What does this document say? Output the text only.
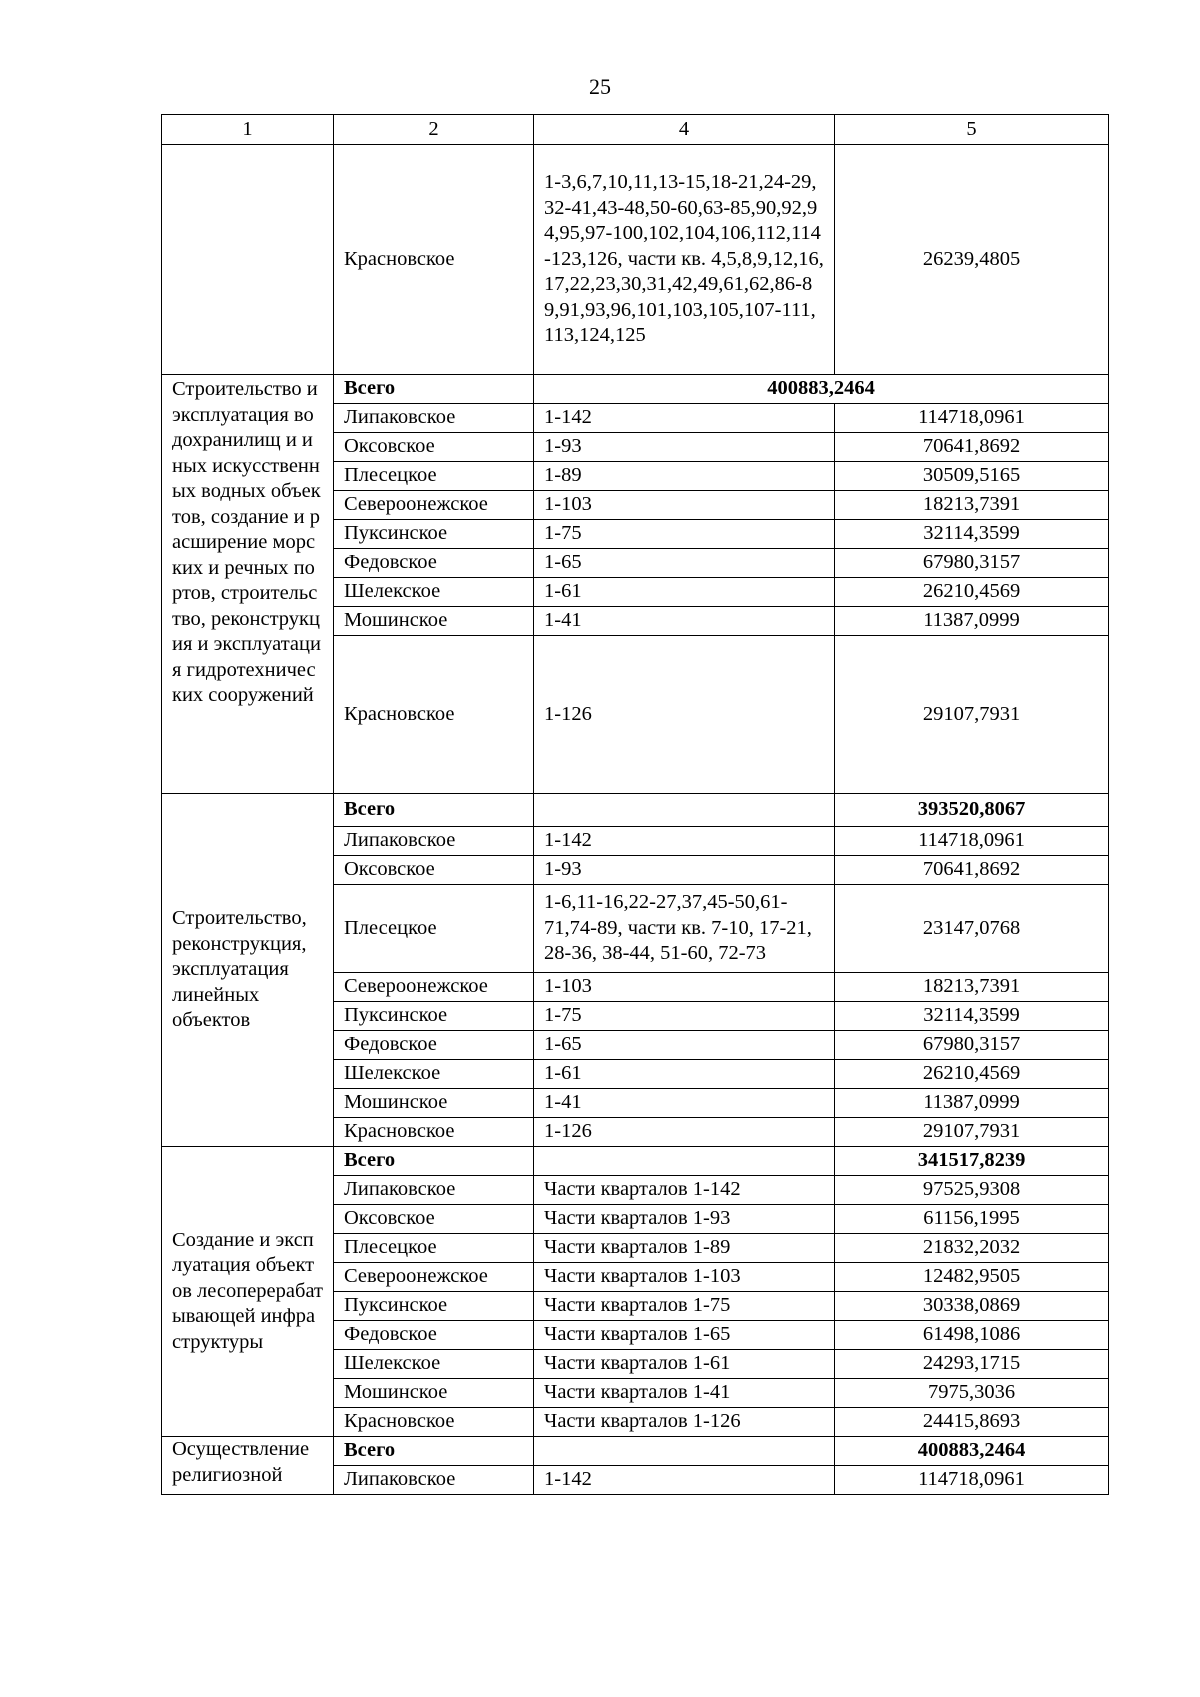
25
1	2	4	5
	Красновское	1-3,6,7,10,11,13-15,18-21,24-29,32-41,43-48,50-60,63-85,90,92,94,95,97-100,102,104,106,112,114-123,126, части кв. 4,5,8,9,12,16,17,22,23,30,31,42,49,61,62,86-89,91,93,96,101,103,105,107-111,113,124,125	26239,4805
Строительство и эксплуатация водохранилищ и иных искусственных водных объектов, создание и расширение морских и речных портов, строительство, реконструкция и эксплуатация гидротехнических сооружений	Всего	400883,2464	
	Липаковское	1-142	114718,0961
	Оксовское	1-93	70641,8692
	Плесецкое	1-89	30509,5165
	Североонежское	1-103	18213,7391
	Пуксинское	1-75	32114,3599
	Федовское	1-65	67980,3157
	Шелекское	1-61	26210,4569
	Мошинское	1-41	11387,0999
	Красновское	1-126	29107,7931
Строительство, реконструкция, эксплуатация линейных объектов	Всего		393520,8067
	Липаковское	1-142	114718,0961
	Оксовское	1-93	70641,8692
	Плесецкое	1-6,11-16,22-27,37,45-50,61-71,74-89, части кв. 7-10, 17-21, 28-36, 38-44, 51-60, 72-73	23147,0768
	Североонежское	1-103	18213,7391
	Пуксинское	1-75	32114,3599
	Федовское	1-65	67980,3157
	Шелекское	1-61	26210,4569
	Мошинское	1-41	11387,0999
	Красновское	1-126	29107,7931
Создание и эксплуатация объектов лесоперерабатывающей инфраструктуры	Всего		341517,8239
	Липаковское	Части кварталов 1-142	97525,9308
	Оксовское	Части кварталов 1-93	61156,1995
	Плесецкое	Части кварталов 1-89	21832,2032
	Североонежское	Части кварталов 1-103	12482,9505
	Пуксинское	Части кварталов 1-75	30338,0869
	Федовское	Части кварталов 1-65	61498,1086
	Шелекское	Части кварталов 1-61	24293,1715
	Мошинское	Части кварталов 1-41	7975,3036
	Красновское	Части кварталов 1-126	24415,8693
Осуществление религиозной	Всего		400883,2464
	Липаковское	1-142	114718,0961
